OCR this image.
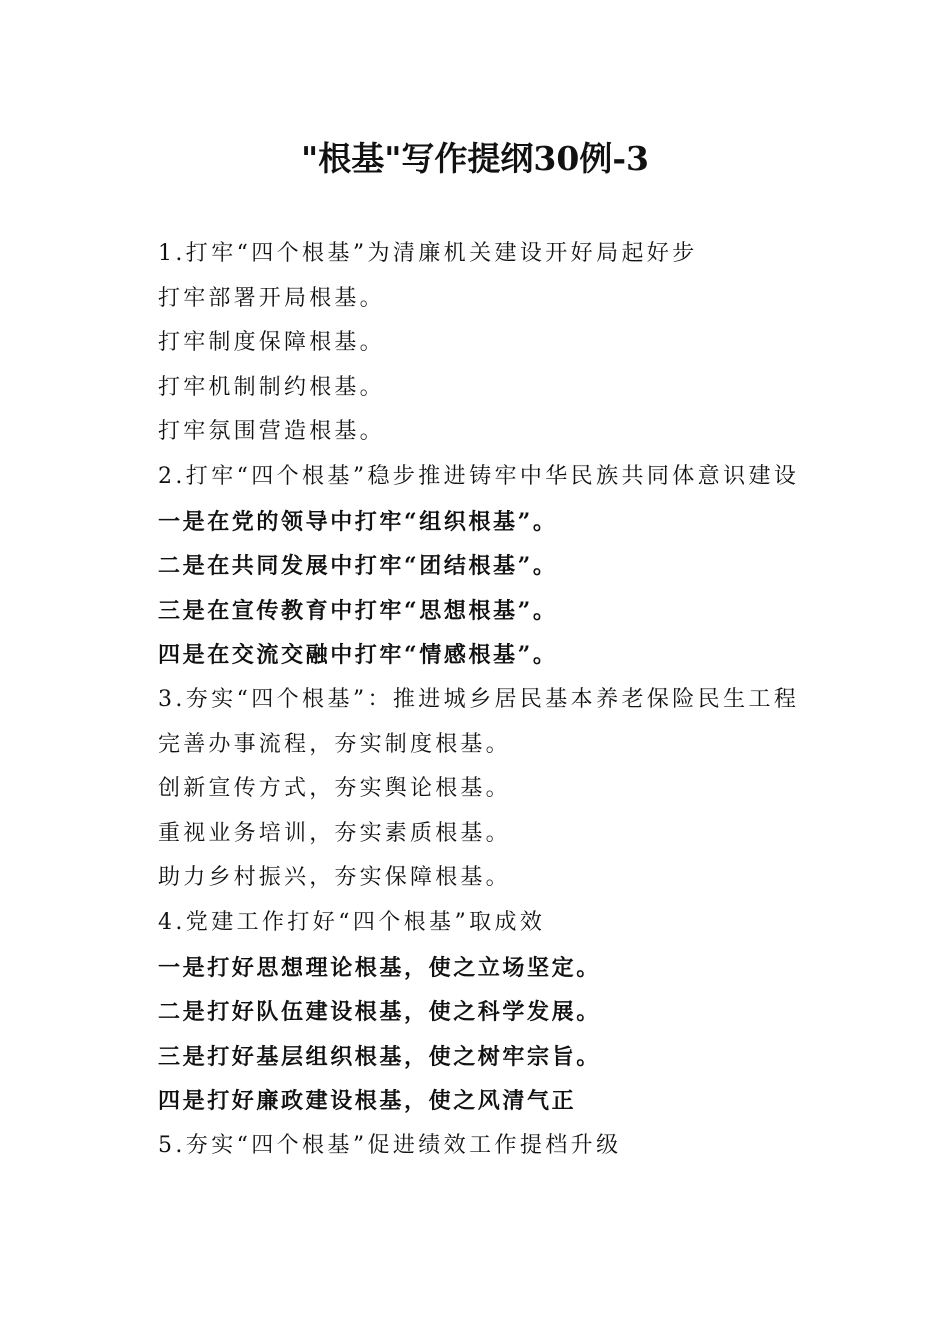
"根基"写作提纲30例-3
1.打牢“四个根基”为清廉机关建设开好局起好步
打牢部署开局根基。
打牢制度保障根基。
打牢机制制约根基。
打牢氛围营造根基。
2.打牢“四个根基”稳步推进铸牢中华民族共同体意识建设
一是在党的领导中打牢“组织根基”。
二是在共同发展中打牢“团结根基”。
三是在宣传教育中打牢“思想根基”。
四是在交流交融中打牢“情感根基”。
3.夯实“四个根基”：推进城乡居民基本养老保险民生工程
完善办事流程，夯实制度根基。
创新宣传方式，夯实舆论根基。
重视业务培训，夯实素质根基。
助力乡村振兴，夯实保障根基。
4.党建工作打好“四个根基”取成效
一是打好思想理论根基，使之立场坚定。
二是打好队伍建设根基，使之科学发展。
三是打好基层组织根基，使之树牢宗旨。
四是打好廉政建设根基，使之风清气正
5.夯实“四个根基”促进绩效工作提档升级
